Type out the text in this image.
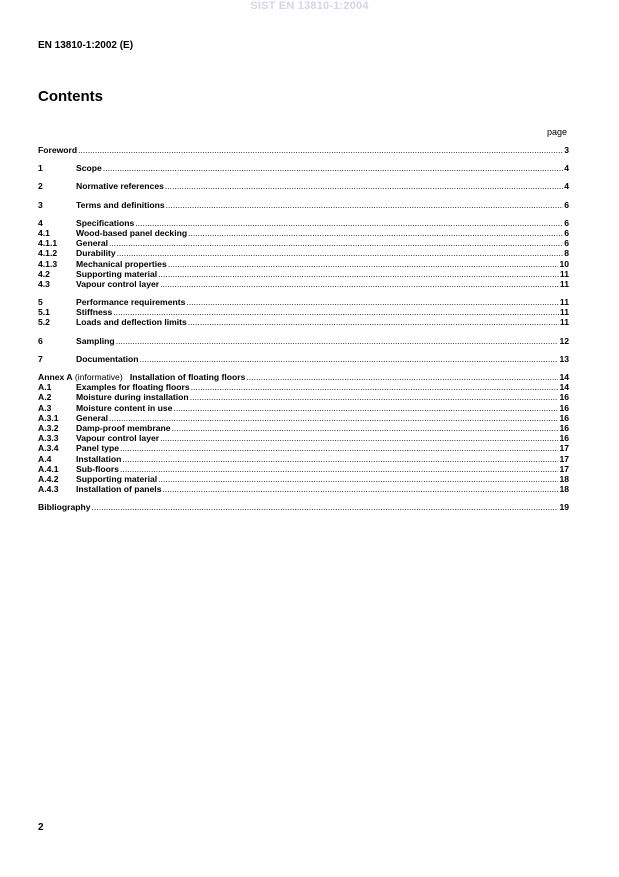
SIST EN 13810-1:2004
EN 13810-1:2002 (E)
Contents
page
Foreword .....	3
1	Scope .....	4
2	Normative references .....	4
3	Terms and definitions .....	6
4	Specifications .....	6
4.1	Wood-based panel decking .....	6
4.1.1	General .....	6
4.1.2	Durability .....	8
4.1.3	Mechanical properties .....	10
4.2	Supporting material .....	11
4.3	Vapour control layer .....	11
5	Performance requirements .....	11
5.1	Stiffness .....	11
5.2	Loads and deflection limits .....	11
6	Sampling .....	12
7	Documentation .....	13
Annex A (informative)   Installation of floating floors .....	14
A.1	Examples for floating floors .....	14
A.2	Moisture during installation .....	16
A.3	Moisture content in use .....	16
A.3.1	General .....	16
A.3.2	Damp-proof membrane .....	16
A.3.3	Vapour control layer .....	16
A.3.4	Panel type .....	17
A.4	Installation .....	17
A.4.1	Sub-floors .....	17
A.4.2	Supporting material .....	18
A.4.3	Installation of panels .....	18
Bibliography .....	19
2
